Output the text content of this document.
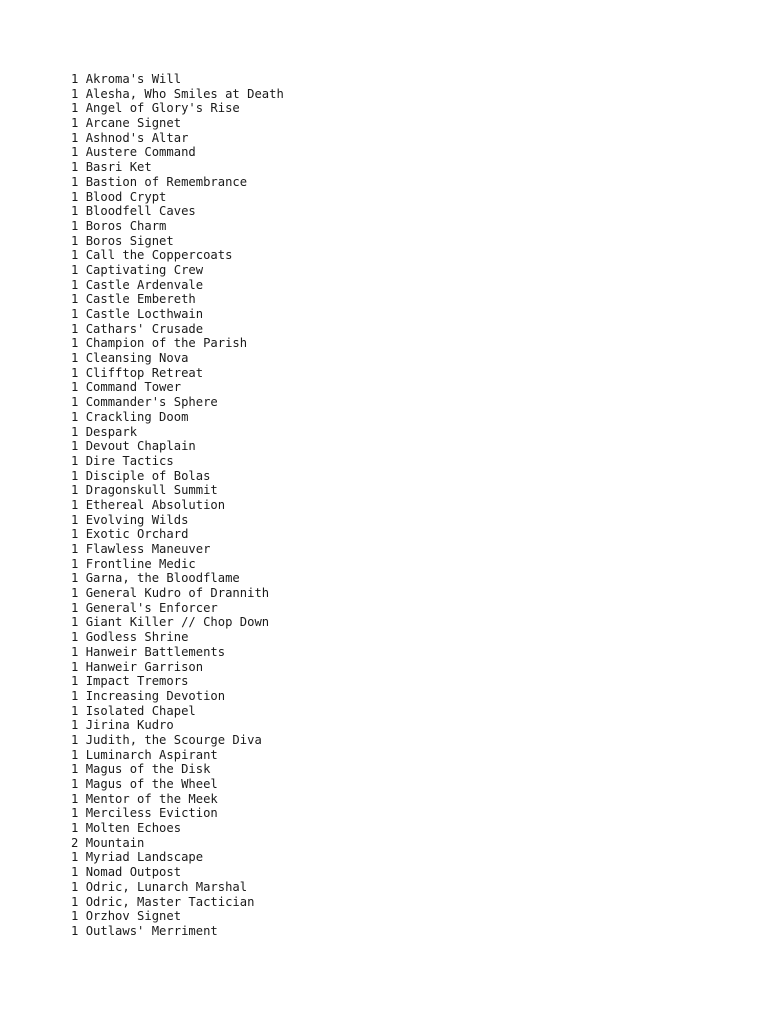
1 Akroma's Will
1 Alesha, Who Smiles at Death
1 Angel of Glory's Rise
1 Arcane Signet
1 Ashnod's Altar
1 Austere Command
1 Basri Ket
1 Bastion of Remembrance
1 Blood Crypt
1 Bloodfell Caves
1 Boros Charm
1 Boros Signet
1 Call the Coppercoats
1 Captivating Crew
1 Castle Ardenvale
1 Castle Embereth
1 Castle Locthwain
1 Cathars' Crusade
1 Champion of the Parish
1 Cleansing Nova
1 Clifftop Retreat
1 Command Tower
1 Commander's Sphere
1 Crackling Doom
1 Despark
1 Devout Chaplain
1 Dire Tactics
1 Disciple of Bolas
1 Dragonskull Summit
1 Ethereal Absolution
1 Evolving Wilds
1 Exotic Orchard
1 Flawless Maneuver
1 Frontline Medic
1 Garna, the Bloodflame
1 General Kudro of Drannith
1 General's Enforcer
1 Giant Killer // Chop Down
1 Godless Shrine
1 Hanweir Battlements
1 Hanweir Garrison
1 Impact Tremors
1 Increasing Devotion
1 Isolated Chapel
1 Jirina Kudro
1 Judith, the Scourge Diva
1 Luminarch Aspirant
1 Magus of the Disk
1 Magus of the Wheel
1 Mentor of the Meek
1 Merciless Eviction
1 Molten Echoes
2 Mountain
1 Myriad Landscape
1 Nomad Outpost
1 Odric, Lunarch Marshal
1 Odric, Master Tactician
1 Orzhov Signet
1 Outlaws' Merriment
